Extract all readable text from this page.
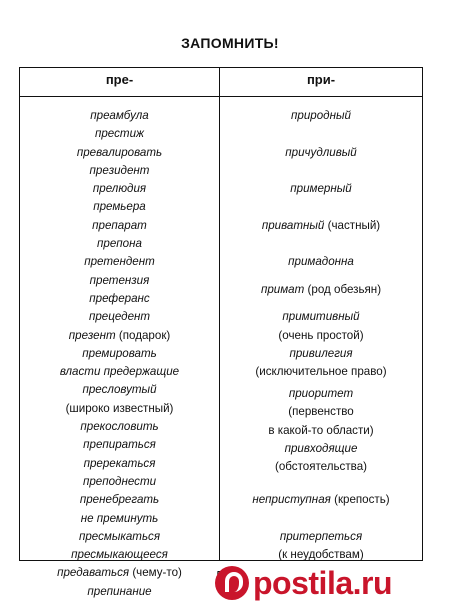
ЗАПОМНИТЬ!
пре-	при-
преамбула
престиж
превалировать
президент
прелюдия
премьера
препарат
препона
претендент
претензия
преферанс
прецедент
презент (подарок)
премировать
власти предержащие
пресловутый
(широко известный)
прекословить
препираться
пререкаться
преподнести
пренебрегать
не преминуть
пресмыкаться
пресмыкающееся
предаваться (чему-то)
препинание
природный
причудливый
примерный
приватный (частный)
примадонна
примат (род обезьян)
примитивный
(очень простой)
привилегия
(исключительное право)
приоритет
(первенство
в какой-то области)
привходящие
(обстоятельства)
неприступная (крепость)
притерпеться
(к неудобствам)
postila.ru
